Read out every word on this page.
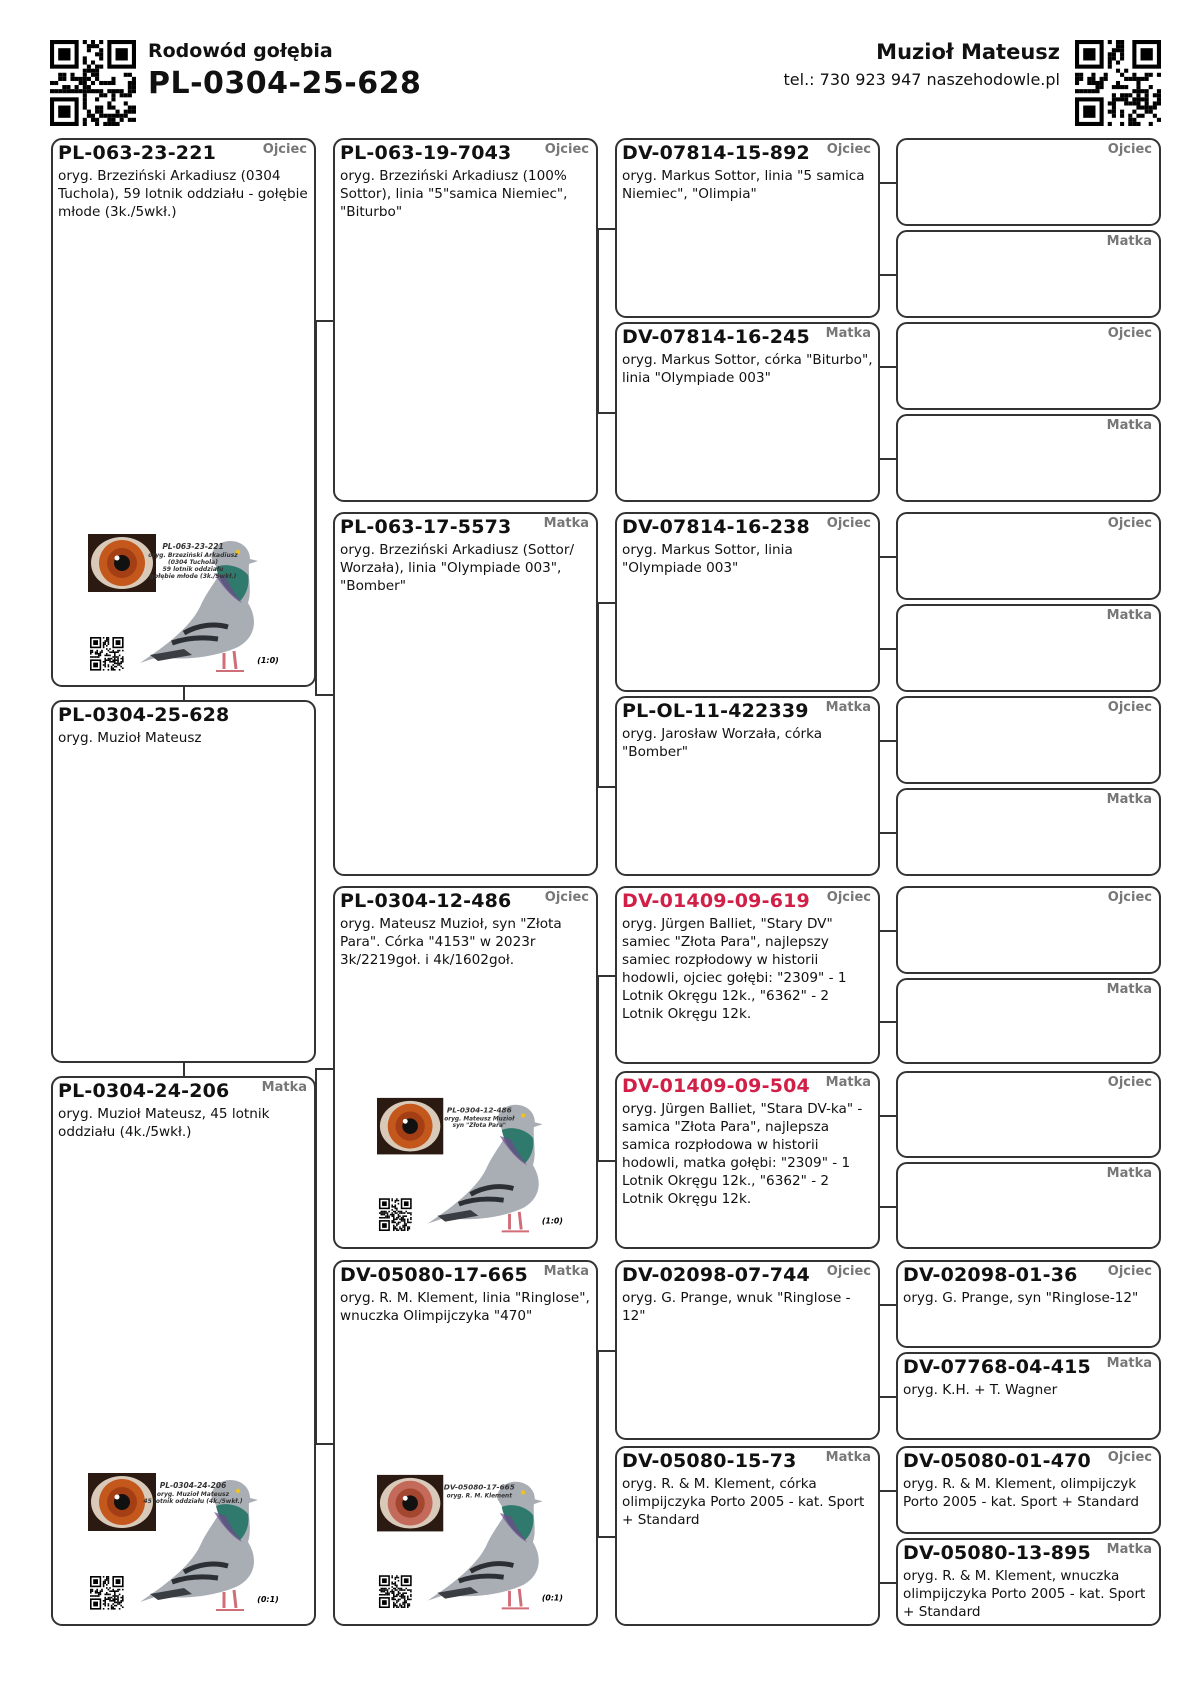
Rodowód gołębia
PL-0304-25-628
Muzioł Mateusz
tel.: 730 923 947 naszehodowle.pl
PL-063-23-221	Ojciec
oryg. Brzeziński Arkadiusz (0304 Tuchola), 59 lotnik oddziału - gołębie młode (3k./5wkł.)
PL-063-23-221
oryg. Brzeziński Arkadiusz
(0304 Tuchola)
59 lotnik oddziału
gołębie młode (3k./5wkł.)
(1:0)
PL-0304-25-628
oryg. Muzioł Mateusz
PL-0304-24-206 Matka
oryg. Muzioł Mateusz, 45 lotnik oddziału (4k./5wkł.)
PL-0304-24-206
oryg. Muzioł Mateusz
45 lotnik oddziału (4k./5wkł.)
(0:1)
PL-063-19-7043	Ojciec
oryg. Brzeziński Arkadiusz (100% Sottor), linia "5"samica Niemiec", "Biturbo"
PL-063-17-5573 Matka
oryg. Brzeziński Arkadiusz (Sottor/ Worzała), linia "Olympiade 003", "Bomber"
PL-0304-12-486	Ojciec
oryg. Mateusz Muzioł, syn "Złota Para". Córka "4153" w 2023r 3k/2219goł. i 4k/1602goł.
PL-0304-12-486
oryg. Mateusz Muzioł
syn "Złota Para"
(1:0)
DV-05080-17-665 Matka
oryg. R. M. Klement, linia "Ringlose", wnuczka Olimpijczyka "470"
DV-05080-17-665
oryg. R. M. Klement
(0:1)
DV-07814-15-892 Ojciec
oryg. Markus Sottor, linia "5 samica Niemiec", "Olimpia"
DV-07814-16-245 Matka
oryg. Markus Sottor, córka "Biturbo", linia "Olympiade 003"
DV-07814-16-238 Ojciec
oryg. Markus Sottor, linia "Olympiade 003"
PL-OL-11-422339 Matka
oryg. Jarosław Worzała, córka "Bomber"
DV-01409-09-619 Ojciec
oryg. Jürgen Balliet, "Stary DV" samiec "Złota Para", najlepszy samiec rozpłodowy w historii hodowli, ojciec gołębi: "2309" - 1 Lotnik Okręgu 12k., "6362" - 2 Lotnik Okręgu 12k.
DV-01409-09-504 Matka
oryg. Jürgen Balliet, "Stara DV-ka" - samica "Złota Para", najlepsza samica rozpłodowa w historii hodowli, matka gołębi: "2309" - 1 Lotnik Okręgu 12k., "6362" - 2 Lotnik Okręgu 12k.
DV-02098-07-744 Ojciec
oryg. G. Prange, wnuk "Ringlose - 12"
DV-05080-15-73 Matka
oryg. R. & M. Klement, córka olimpijczyka Porto 2005 - kat. Sport + Standard
Ojciec
Matka
Ojciec
Matka
Ojciec
Matka
Ojciec
Matka
Ojciec
Matka
Ojciec
Matka
DV-02098-01-36 Ojciec
oryg. G. Prange, syn "Ringlose-12"
DV-07768-04-415 Matka
oryg. K.H. + T. Wagner
DV-05080-01-470 Ojciec
oryg. R. & M. Klement, olimpijczyk Porto 2005 - kat. Sport + Standard
DV-05080-13-895 Matka
oryg. R. & M. Klement, wnuczka olimpijczyka Porto 2005 - kat. Sport + Standard
